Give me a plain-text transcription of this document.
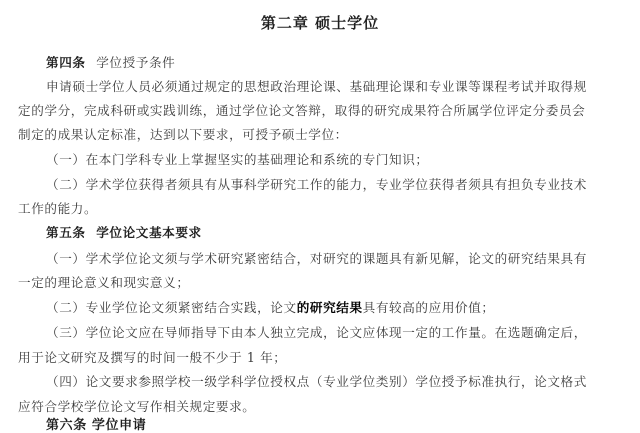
第二章 硕士学位
第四条 学位授予条件
申请硕士学位人员必须通过规定的思想政治理论课、基础理论课和专业课等课程考试并取得规
定的学分，完成科研或实践训练，通过学位论文答辩，取得的研究成果符合所属学位评定分委员会
制定的成果认定标准，达到以下要求，可授予硕士学位：
（一）在本门学科专业上掌握坚实的基础理论和系统的专门知识；
（二）学术学位获得者须具有从事科学研究工作的能力，专业学位获得者须具有担负专业技术
工作的能力。
第五条 学位论文基本要求
（一）学术学位论文须与学术研究紧密结合，对研究的课题具有新见解，论文的研究结果具有
一定的理论意义和现实意义；
（二）专业学位论文须紧密结合实践，论文的研究结果具有较高的应用价值；
（三）学位论文应在导师指导下由本人独立完成，论文应体现一定的工作量。在选题确定后，
用于论文研究及撰写的时间一般不少于 1 年；
（四）论文要求参照学校一级学科学位授权点（专业学位类别）学位授予标准执行，论文格式
应符合学校学位论文写作相关规定要求。
第六条 学位申请
